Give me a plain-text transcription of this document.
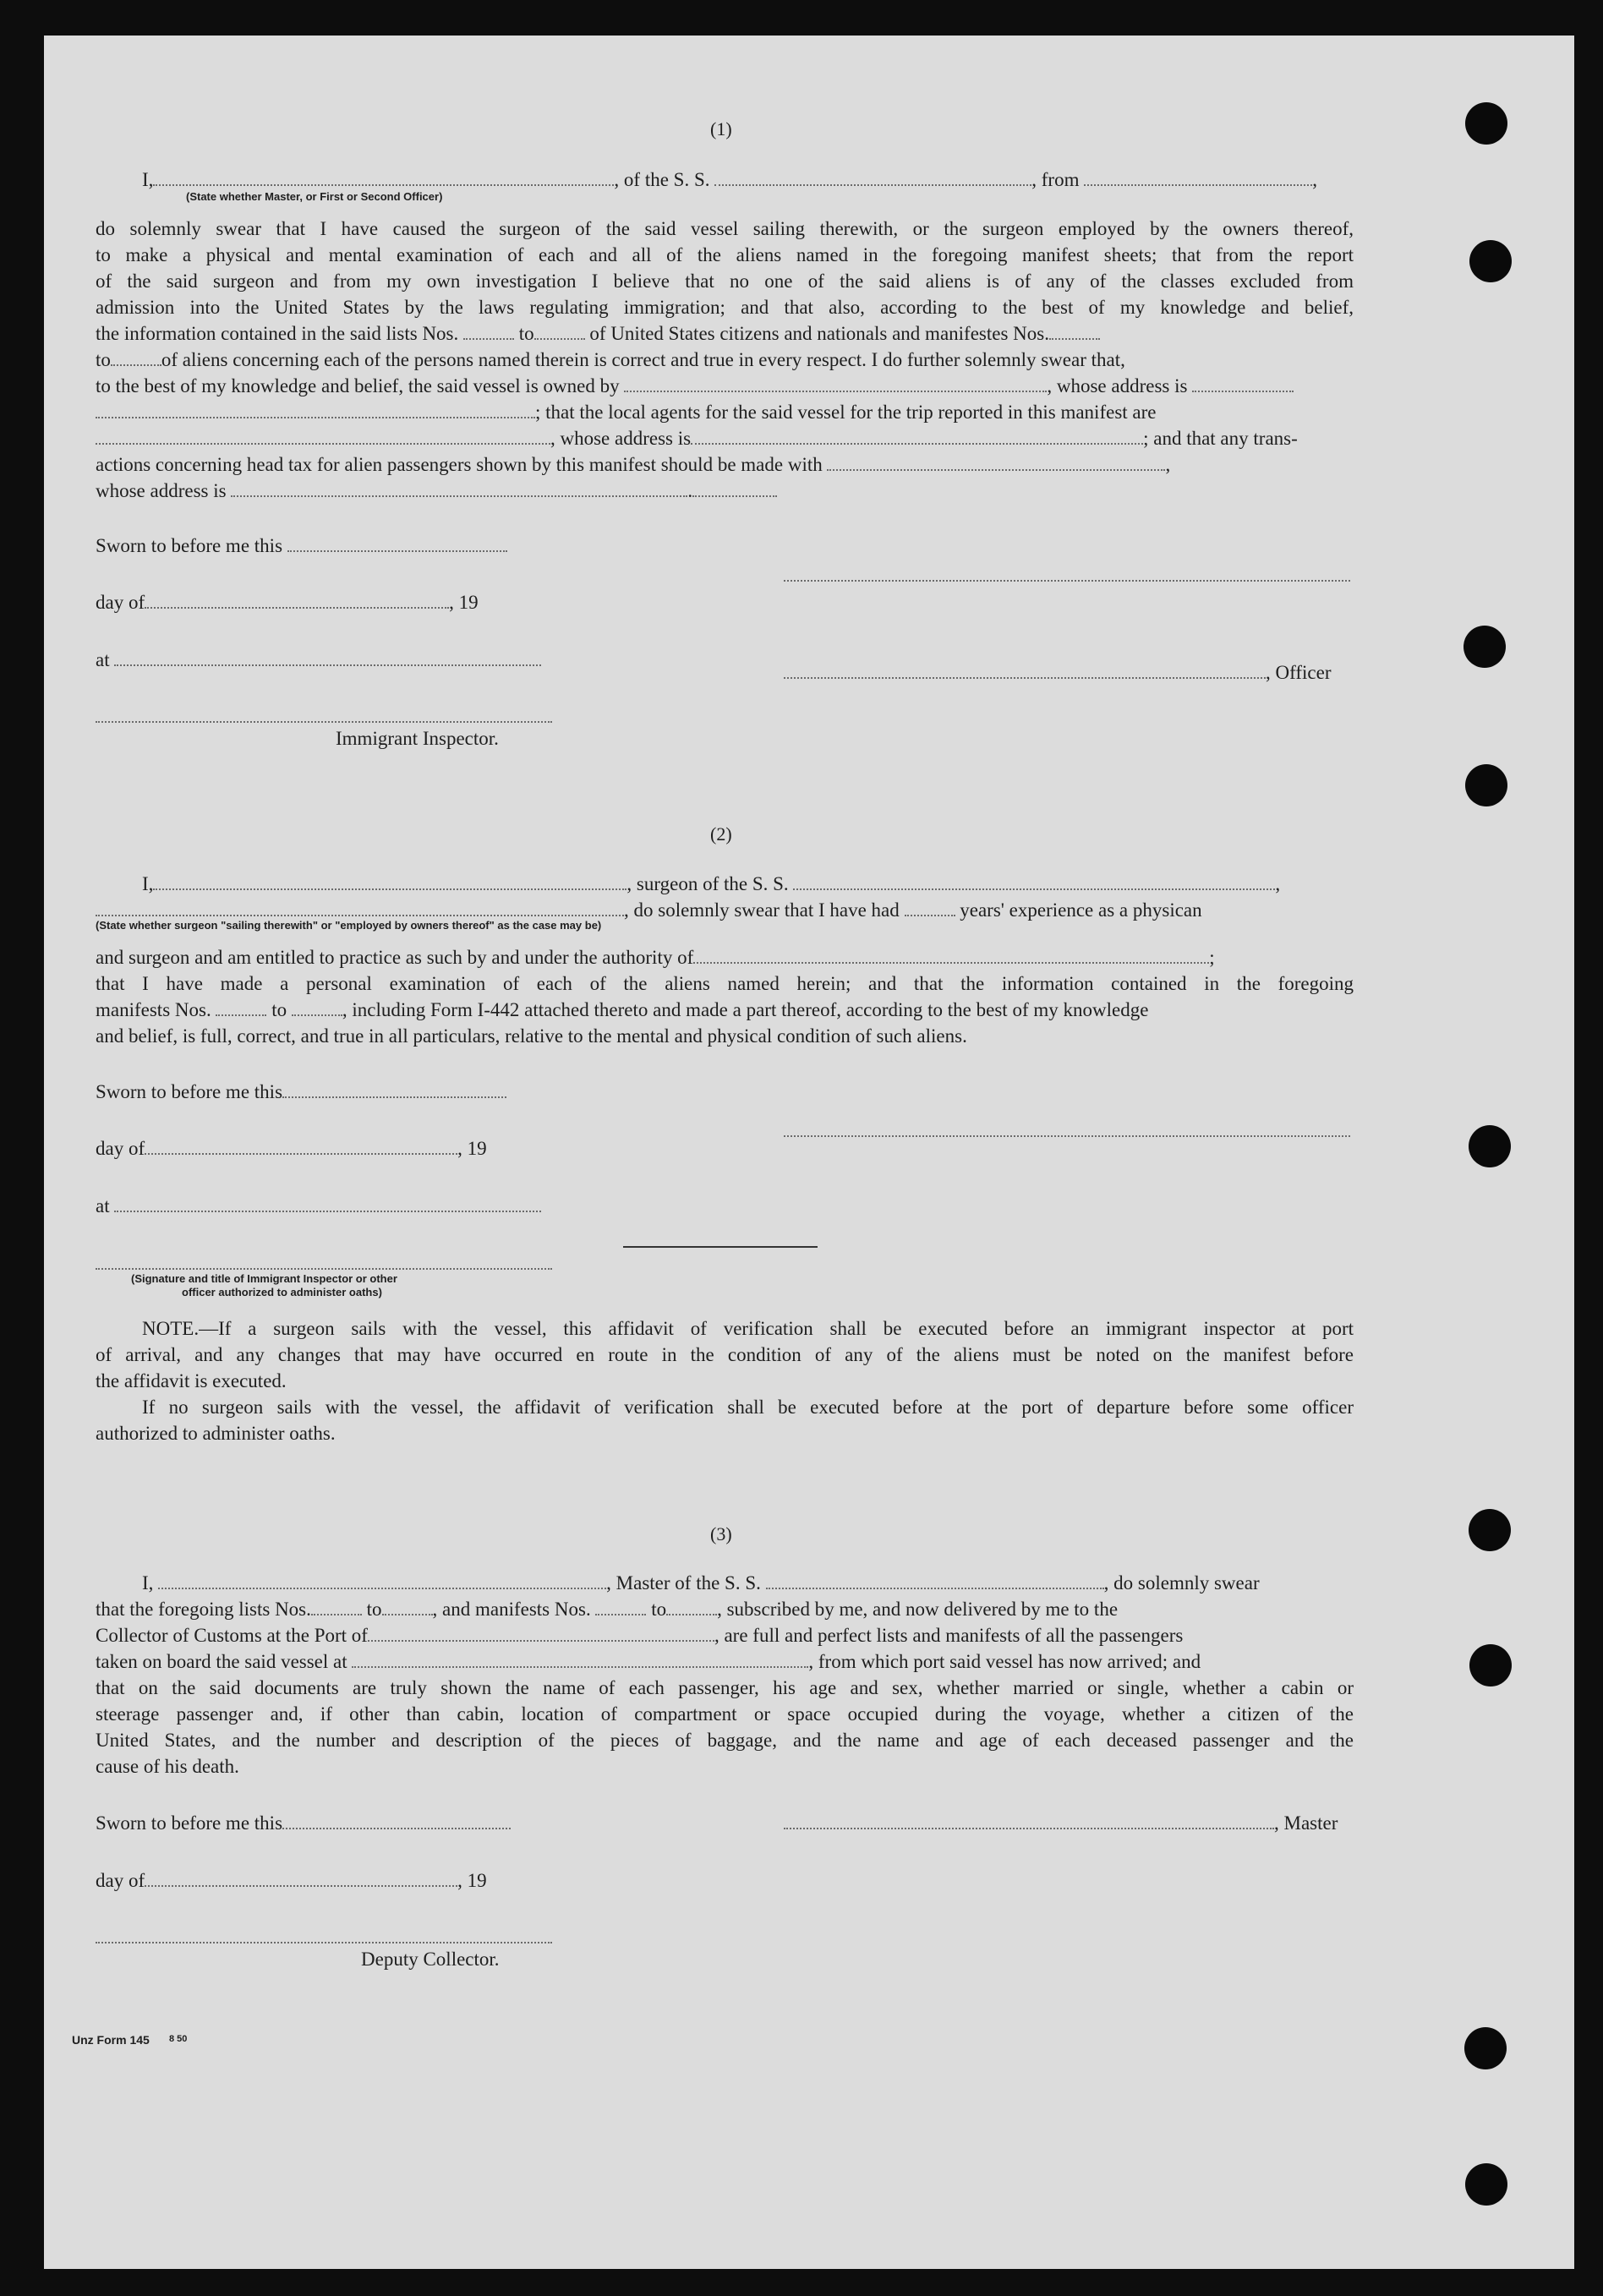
(1)
I,	, of the S. S.	, from	,
(State whether Master, or First or Second Officer)
do solemnly swear that I have caused the surgeon of the said vessel sailing therewith, or the surgeon employed by the owners thereof,
to make a physical and mental examination of each and all of the aliens named in the foregoing manifest sheets; that from the report
of the said surgeon and from my own investigation I believe that no one of the said aliens is of any of the classes excluded from
admission into the United States by the laws regulating immigration; and that also, according to the best of my knowledge and belief,
the information contained in the said lists Nos.	to	of United States citizens and nationals and manifestes Nos.
to	of aliens concerning each of the persons named therein is correct and true in every respect. I do further solemnly swear that,
to the best of my knowledge and belief, the said vessel is owned by	, whose address is
; that the local agents for the said vessel for the trip reported in this manifest are
, whose address is	; and that any trans-
actions concerning head tax for alien passengers shown by this manifest should be made with	,
whose address is	.
Sworn to before me this
day of	, 19
at
, Officer
Immigrant Inspector.
(2)
I,	, surgeon of the S. S.	,
, do solemnly swear that I have had	years' experience as a physican
(State whether surgeon "sailing therewith" or "employed by owners thereof" as the case may be)
and surgeon and am entitled to practice as such by and under the authority of	;
that I have made a personal examination of each of the aliens named herein; and that the information contained in the foregoing
manifests Nos.	to	, including Form I-442 attached thereto and made a part thereof, according to the best of my knowledge
and belief, is full, correct, and true in all particulars, relative to the mental and physical condition of such aliens.
Sworn to before me this
day of	, 19
at
(Signature and title of Immigrant Inspector or other
officer authorized to administer oaths)
NOTE.—If a surgeon sails with the vessel, this affidavit of verification shall be executed before an immigrant inspector at port
of arrival, and any changes that may have occurred en route in the condition of any of the aliens must be noted on the manifest before
the affidavit is executed.
If no surgeon sails with the vessel, the affidavit of verification shall be executed before at the port of departure before some officer
authorized to administer oaths.
(3)
I,	, Master of the S. S.	, do solemnly swear
that the foregoing lists Nos.	to	, and manifests Nos.	to	, subscribed by me, and now delivered by me to the
Collector of Customs at the Port of	, are full and perfect lists and manifests of all the passengers
taken on board the said vessel at	, from which port said vessel has now arrived; and
that on the said documents are truly shown the name of each passenger, his age and sex, whether married or single, whether a cabin or
steerage passenger and, if other than cabin, location of compartment or space occupied during the voyage, whether a citizen of the
United States, and the number and description of the pieces of baggage, and the name and age of each deceased passenger and the
cause of his death.
Sworn to before me this	, Master
day of	, 19
Deputy Collector.
Unz Form 145 8 50
